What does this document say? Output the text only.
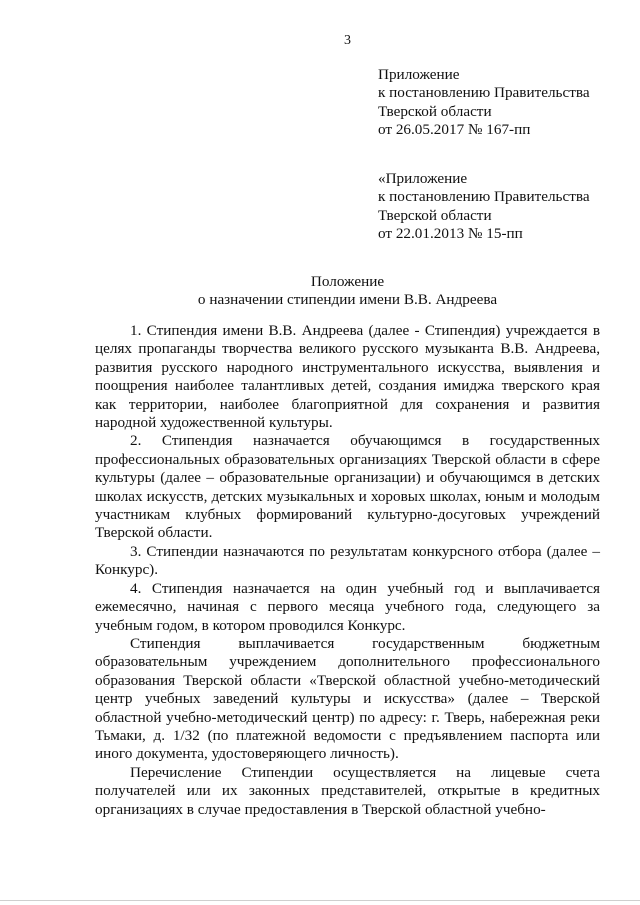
3
Приложение
к постановлению Правительства
Тверской области
от 26.05.2017 № 167-пп
«Приложение
к постановлению Правительства
Тверской области
от 22.01.2013 № 15-пп
Положение
о назначении стипендии имени В.В. Андреева

1. Стипендия имени В.В. Андреева (далее - Стипендия) учреждается в целях пропаганды творчества великого русского музыканта В.В. Андреева, развития русского народного инструментального искусства, выявления и поощрения наиболее талантливых детей, создания имиджа тверского края как территории, наиболее благоприятной для сохранения и развития народной художественной культуры.

2. Стипендия назначается обучающимся в государственных профессиональных образовательных организациях Тверской области в сфере культуры (далее – образовательные организации) и обучающимся в детских школах искусств, детских музыкальных и хоровых школах, юным и молодым участникам клубных формирований культурно-досуговых учреждений Тверской области.

3. Стипендии назначаются по результатам конкурсного отбора (далее – Конкурс).

4. Стипендия назначается на один учебный год и выплачивается ежемесячно, начиная с первого месяца учебного года, следующего за учебным годом, в котором проводился Конкурс.

Стипендия выплачивается государственным бюджетным образовательным учреждением дополнительного профессионального образования Тверской области «Тверской областной учебно-методический центр учебных заведений культуры и искусства» (далее – Тверской областной учебно-методический центр) по адресу: г. Тверь, набережная реки Тьмаки, д. 1/32 (по платежной ведомости с предъявлением паспорта или иного документа, удостоверяющего личность).

Перечисление Стипендии осуществляется на лицевые счета получателей или их законных представителей, открытые в кредитных организациях в случае предоставления в Тверской областной учебно-
